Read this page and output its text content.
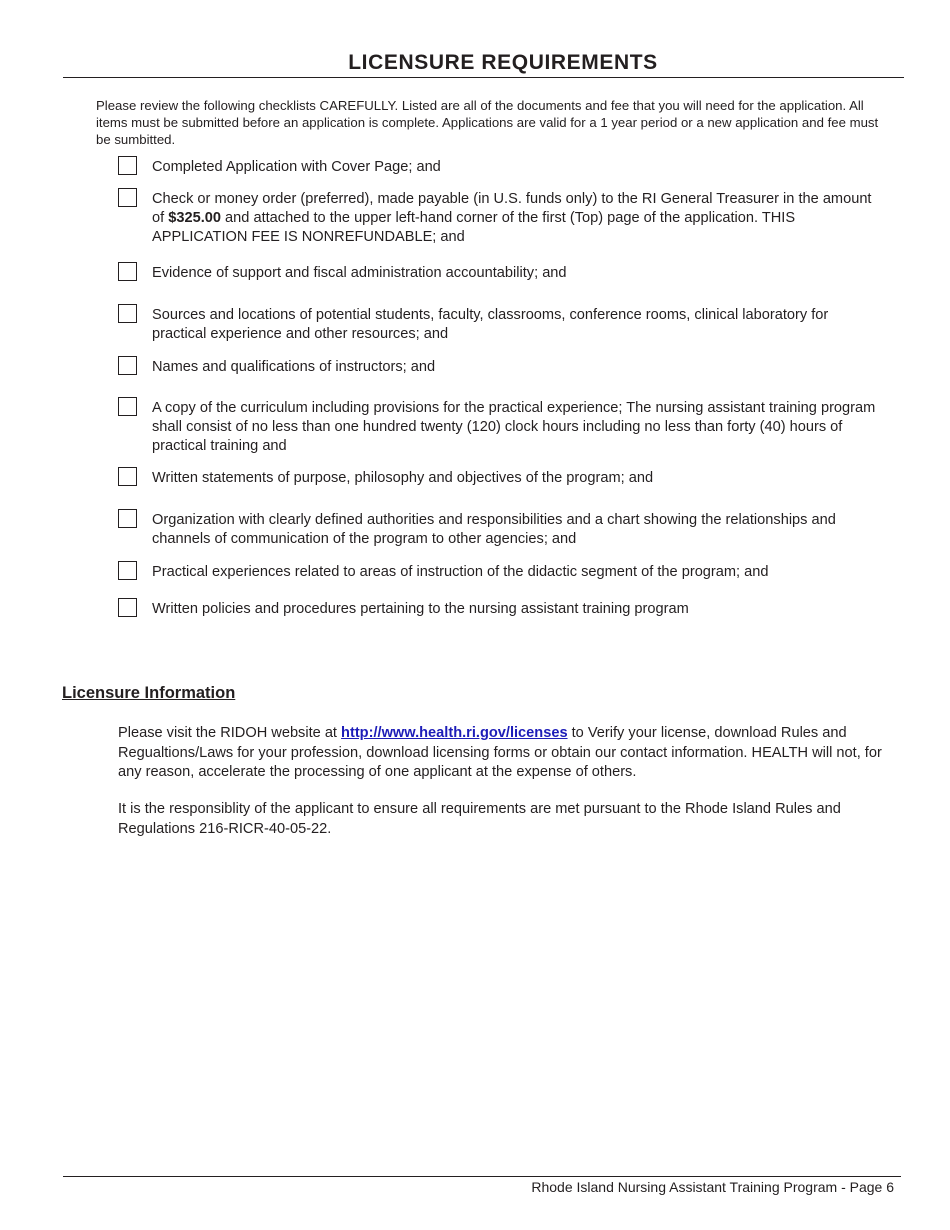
LICENSURE REQUIREMENTS
Please review the following checklists CAREFULLY. Listed are all of the documents and fee that you will need for the application. All items must be submitted before an application is complete. Applications are valid for a 1 year period or a new application and fee must be sumbitted.
Completed Application with Cover Page; and
Check or money order (preferred), made payable (in U.S. funds only) to the RI General Treasurer in the amount of $325.00 and attached to the upper left-hand corner of the first (Top) page of the application. THIS APPLICATION FEE IS NONREFUNDABLE; and
Evidence of support and fiscal administration accountability; and
Sources and locations of potential students, faculty, classrooms, conference rooms, clinical laboratory for practical experience and other resources; and
Names and qualifications of instructors; and
A copy of the curriculum including provisions for the practical experience; The nursing assistant training program shall consist of no less than one hundred twenty (120) clock hours including no less than forty (40) hours of practical training and
Written statements of purpose, philosophy and objectives of the program; and
Organization with clearly defined authorities and responsibilities and a chart showing the relationships and channels of communication of the program to other agencies; and
Practical experiences related to areas of instruction of the didactic segment of the program; and
Written policies and procedures pertaining to the nursing assistant training program
Licensure Information
Please visit the RIDOH website at http://www.health.ri.gov/licenses to Verify your license, download Rules and Regualtions/Laws for your profession, download licensing forms or obtain our contact information. HEALTH will not, for any reason, accelerate the processing of one applicant at the expense of others.
It is the responsiblity of the applicant to ensure all requirements are met pursuant to the Rhode Island Rules and Regulations 216-RICR-40-05-22.
Rhode Island Nursing Assistant Training Program - Page 6
